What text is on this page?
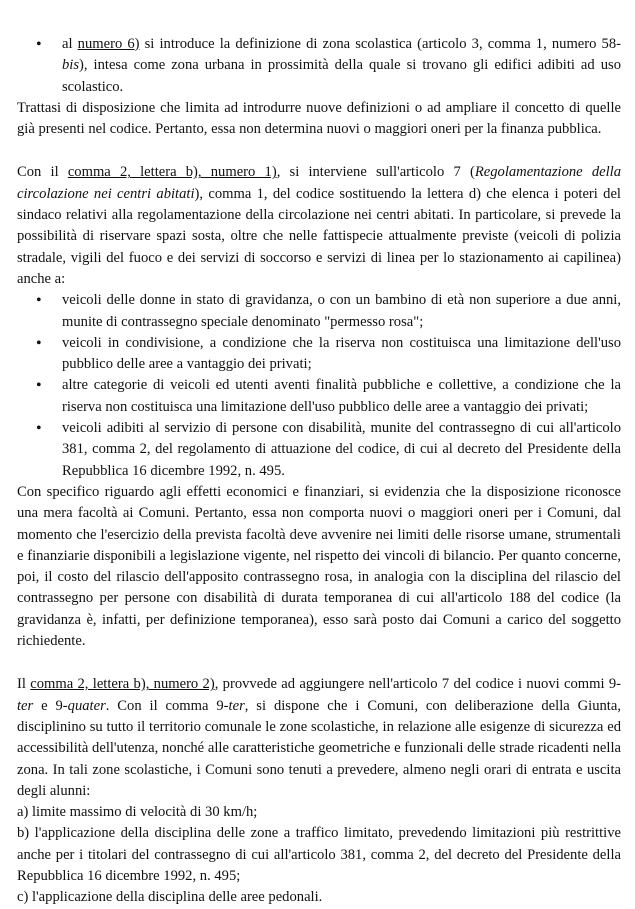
• al numero 6) si introduce la definizione di zona scolastica (articolo 3, comma 1, numero 58-bis), intesa come zona urbana in prossimità della quale si trovano gli edifici adibiti ad uso scolastico.

Trattasi di disposizione che limita ad introdurre nuove definizioni o ad ampliare il concetto di quelle già presenti nel codice. Pertanto, essa non determina nuovi o maggiori oneri per la finanza pubblica.

Con il comma 2, lettera b), numero 1), si interviene sull'articolo 7 (Regolamentazione della circolazione nei centri abitati), comma 1, del codice sostituendo la lettera d) che elenca i poteri del sindaco relativi alla regolamentazione della circolazione nei centri abitati. In particolare, si prevede la possibilità di riservare spazi sosta, oltre che nelle fattispecie attualmente previste (veicoli di polizia stradale, vigili del fuoco e dei servizi di soccorso e servizi di linea per lo stazionamento ai capilinea) anche a:

• veicoli delle donne in stato di gravidanza, o con un bambino di età non superiore a due anni, munite di contrassegno speciale denominato "permesso rosa";
• veicoli in condivisione, a condizione che la riserva non costituisca una limitazione dell'uso pubblico delle aree a vantaggio dei privati;
• altre categorie di veicoli ed utenti aventi finalità pubbliche e collettive, a condizione che la riserva non costituisca una limitazione dell'uso pubblico delle aree a vantaggio dei privati;
• veicoli adibiti al servizio di persone con disabilità, munite del contrassegno di cui all'articolo 381, comma 2, del regolamento di attuazione del codice, di cui al decreto del Presidente della Repubblica 16 dicembre 1992, n. 495.

Con specifico riguardo agli effetti economici e finanziari, si evidenzia che la disposizione riconosce una mera facoltà ai Comuni. Pertanto, essa non comporta nuovi o maggiori oneri per i Comuni, dal momento che l'esercizio della prevista facoltà deve avvenire nei limiti delle risorse umane, strumentali e finanziarie disponibili a legislazione vigente, nel rispetto dei vincoli di bilancio. Per quanto concerne, poi, il costo del rilascio dell'apposito contrassegno rosa, in analogia con la disciplina del rilascio del contrassegno per persone con disabilità di durata temporanea di cui all'articolo 188 del codice (la gravidanza è, infatti, per definizione temporanea), esso sarà posto dai Comuni a carico del soggetto richiedente.

Il comma 2, lettera b), numero 2), provvede ad aggiungere nell'articolo 7 del codice i nuovi commi 9-ter e 9-quater. Con il comma 9-ter, si dispone che i Comuni, con deliberazione della Giunta, disciplinino su tutto il territorio comunale le zone scolastiche, in relazione alle esigenze di sicurezza ed accessibilità dell'utenza, nonché alle caratteristiche geometriche e funzionali delle strade ricadenti nella zona. In tali zone scolastiche, i Comuni sono tenuti a prevedere, almeno negli orari di entrata e uscita degli alunni:

a) limite massimo di velocità di 30 km/h;
b) l'applicazione della disciplina delle zone a traffico limitato, prevedendo limitazioni più restrittive anche per i titolari del contrassegno di cui all'articolo 381, comma 2, del decreto del Presidente della Repubblica 16 dicembre 1992, n. 495;
c) l'applicazione della disciplina delle aree pedonali.
